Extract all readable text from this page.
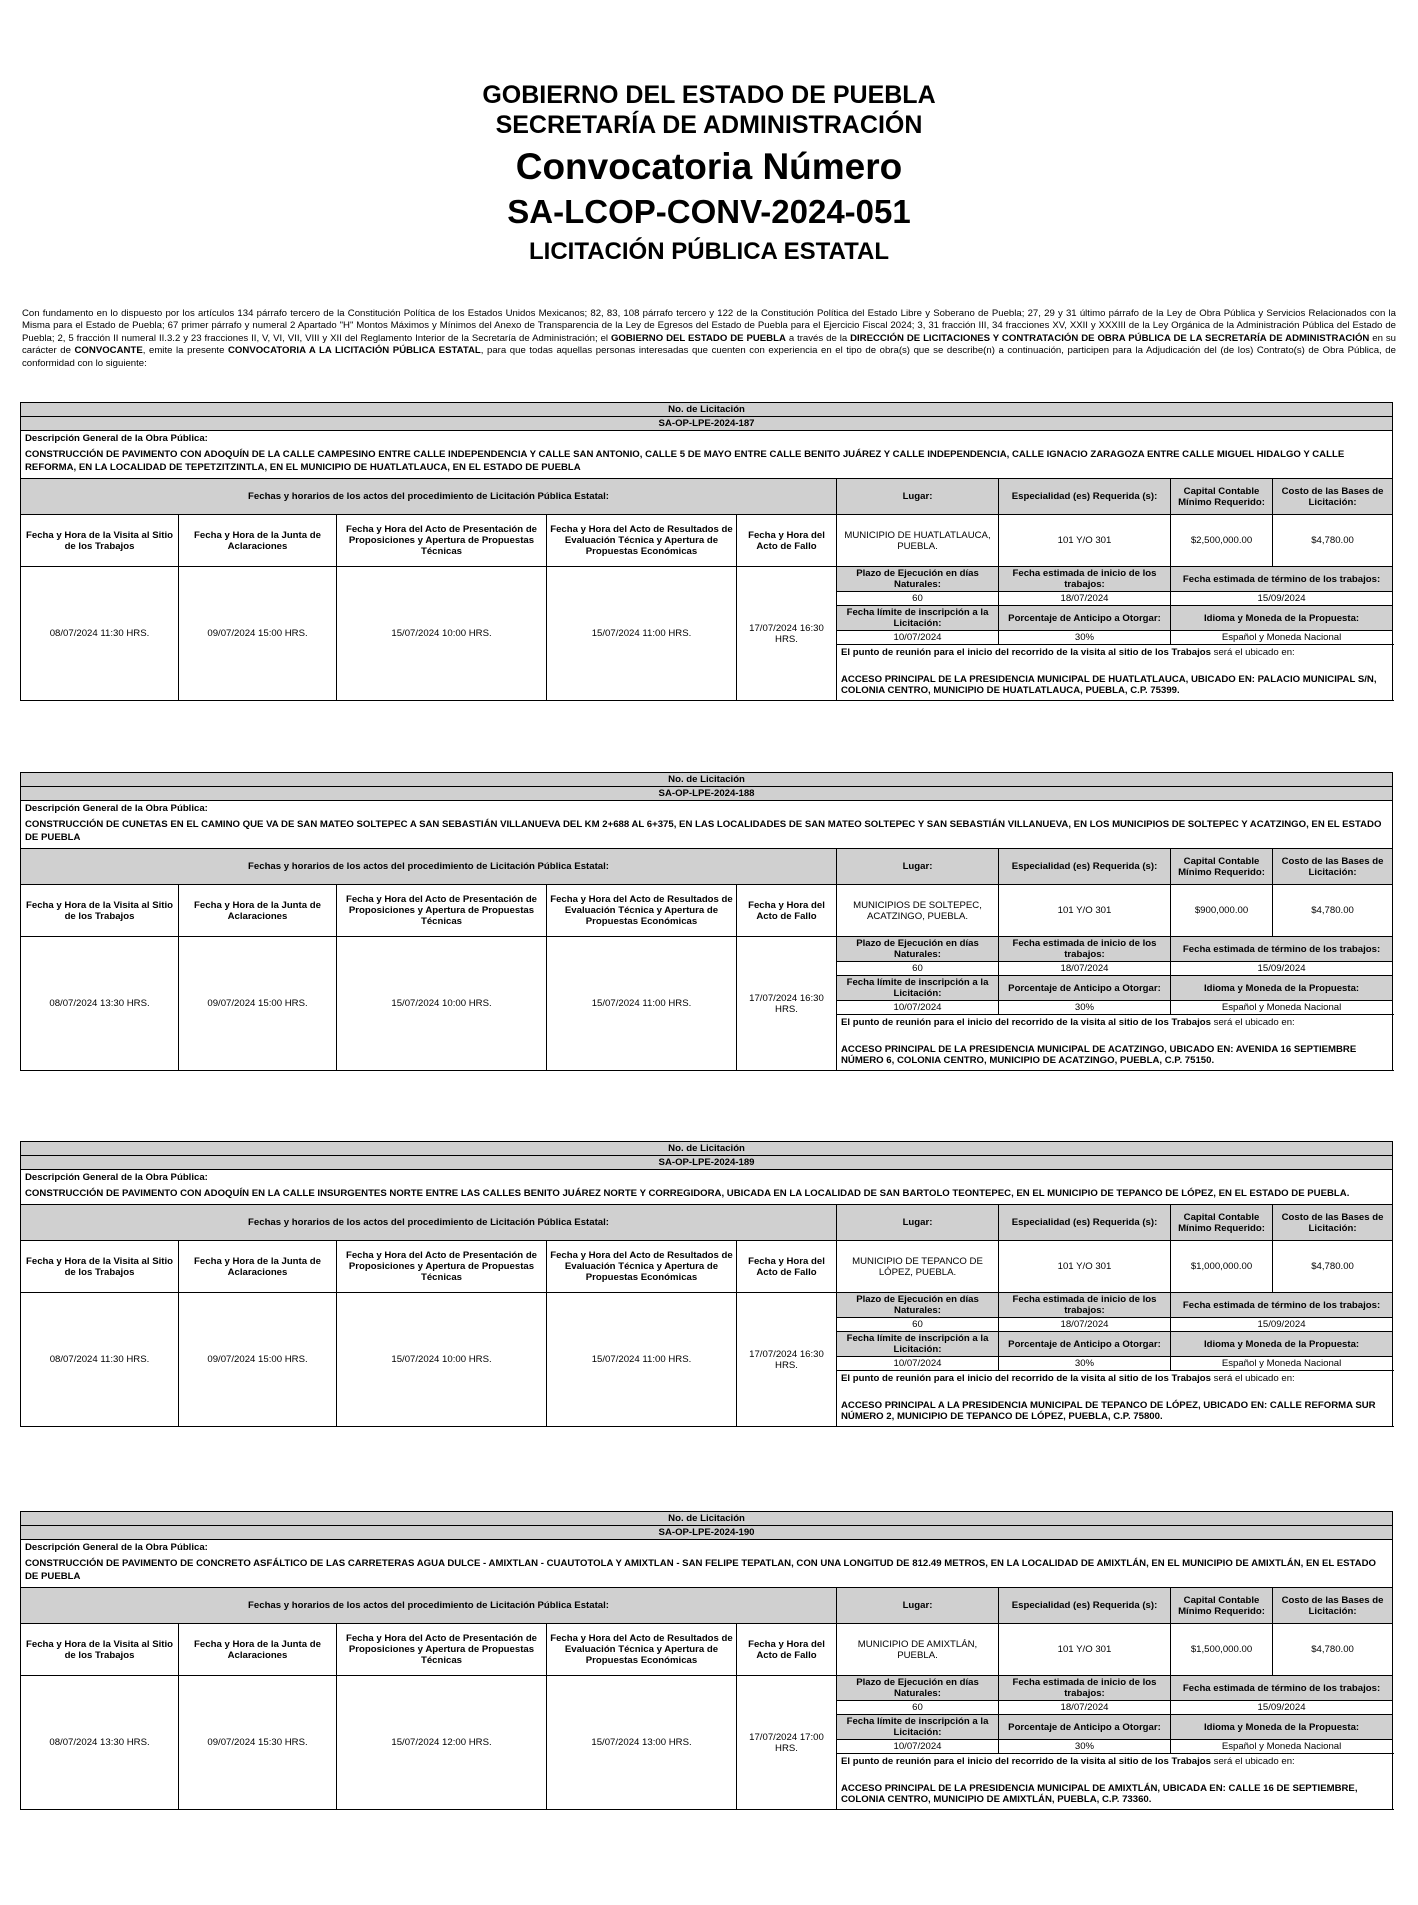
GOBIERNO DEL ESTADO DE PUEBLA
SECRETARÍA DE ADMINISTRACIÓN
Convocatoria Número
SA-LCOP-CONV-2024-051
LICITACIÓN PÚBLICA ESTATAL
Con fundamento en lo dispuesto por los artículos 134 párrafo tercero de la Constitución Política de los Estados Unidos Mexicanos; 82, 83, 108 párrafo tercero y 122 de la Constitución Política del Estado Libre y Soberano de Puebla; 27, 29 y 31 último párrafo de la Ley de Obra Pública y Servicios Relacionados con la Misma para el Estado de Puebla; 67 primer párrafo y numeral 2 Apartado "H" Montos Máximos y Mínimos del Anexo de Transparencia de la Ley de Egresos del Estado de Puebla para el Ejercicio Fiscal 2024; 3, 31 fracción III, 34 fracciones XV, XXII y XXXIII de la Ley Orgánica de la Administración Pública del Estado de Puebla; 2, 5 fracción II numeral II.3.2 y 23 fracciones II, V, VI, VII, VIII y XII del Reglamento Interior de la Secretaría de Administración; el GOBIERNO DEL ESTADO DE PUEBLA a través de la DIRECCIÓN DE LICITACIONES Y CONTRATACIÓN DE OBRA PÚBLICA DE LA SECRETARÍA DE ADMINISTRACIÓN en su carácter de CONVOCANTE, emite la presente CONVOCATORIA A LA LICITACIÓN PÚBLICA ESTATAL, para que todas aquellas personas interesadas que cuenten con experiencia en el tipo de obra(s) que se describe(n) a continuación, participen para la Adjudicación del (de los) Contrato(s) de Obra Pública, de conformidad con lo siguiente:
No. de Licitación								
SA-OP-LPE-2024-187								

Descripción General de la Obra Pública:
CONSTRUCCIÓN DE PAVIMENTO CON ADOQUÍN DE LA CALLE CAMPESINO ENTRE CALLE INDEPENDENCIA Y CALLE SAN ANTONIO, CALLE 5 DE MAYO ENTRE CALLE BENITO JUÁREZ Y CALLE INDEPENDENCIA, CALLE IGNACIO ZARAGOZA ENTRE CALLE MIGUEL HIDALGO Y CALLE REFORMA, EN LA LOCALIDAD DE TEPETZITZINTLA, EN EL MUNICIPIO DE HUATLATLAUCA, EN EL ESTADO DE PUEBLA								

Fechas y horarios de los actos del procedimiento de Licitación Pública Estatal:					Lugar:	Especialidad (es) Requerida (s):	Capital Contable Mínimo Requerido:	Costo de las Bases de Licitación:
Fecha y Hora de la Visita al Sitio de los Trabajos	Fecha y Hora de la Junta de Aclaraciones	Fecha y Hora del Acto de Presentación de Proposiciones y Apertura de Propuestas Técnicas	Fecha y Hora del Acto de Resultados de Evaluación Técnica y Apertura de Propuestas Económicas	Fecha y Hora del Acto de Fallo	MUNICIPIO DE HUATLATLAUCA, PUEBLA.	101 Y/O 301	$2,500,000.00	$4,780.00
08/07/2024 11:30 HRS.	09/07/2024 15:00 HRS.	15/07/2024 10:00 HRS.	15/07/2024 11:00 HRS.	17/07/2024 16:30 HRS.	Plazo de Ejecución en días Naturales:	Fecha estimada de inicio de los trabajos:	Fecha estimada de término de los trabajos:	
					60	18/07/2024	15/09/2024	
					Fecha límite de inscripción a la Licitación:	Porcentaje de Anticipo a Otorgar:	Idioma y Moneda de la Propuesta:	
					10/07/2024	30%	Español y Moneda Nacional	

					El punto de reunión para el inicio del recorrido de la visita al sitio de los Trabajos será el ubicado en:
ACCESO PRINCIPAL DE LA PRESIDENCIA MUNICIPAL DE HUATLATLAUCA, UBICADO EN: PALACIO MUNICIPAL S/N, COLONIA CENTRO, MUNICIPIO DE HUATLATLAUCA, PUEBLA, C.P. 75399.			
No. de Licitación								
SA-OP-LPE-2024-188								

Descripción General de la Obra Pública:
CONSTRUCCIÓN DE CUNETAS EN EL CAMINO QUE VA DE SAN MATEO SOLTEPEC A SAN SEBASTIÁN VILLANUEVA DEL KM 2+688 AL 6+375, EN LAS LOCALIDADES DE SAN MATEO SOLTEPEC Y SAN SEBASTIÁN VILLANUEVA, EN LOS MUNICIPIOS DE SOLTEPEC Y ACATZINGO, EN EL ESTADO DE PUEBLA								

Fechas y horarios de los actos del procedimiento de Licitación Pública Estatal:					Lugar:	Especialidad (es) Requerida (s):	Capital Contable Mínimo Requerido:	Costo de las Bases de Licitación:
Fecha y Hora de la Visita al Sitio de los Trabajos	Fecha y Hora de la Junta de Aclaraciones	Fecha y Hora del Acto de Presentación de Proposiciones y Apertura de Propuestas Técnicas	Fecha y Hora del Acto de Resultados de Evaluación Técnica y Apertura de Propuestas Económicas	Fecha y Hora del Acto de Fallo	MUNICIPIOS DE SOLTEPEC, ACATZINGO, PUEBLA.	101 Y/O 301	$900,000.00	$4,780.00
08/07/2024 13:30 HRS.	09/07/2024 15:00 HRS.	15/07/2024 10:00 HRS.	15/07/2024 11:00 HRS.	17/07/2024 16:30 HRS.	Plazo de Ejecución en días Naturales:	Fecha estimada de inicio de los trabajos:	Fecha estimada de término de los trabajos:	
					60	18/07/2024	15/09/2024	
					Fecha límite de inscripción a la Licitación:	Porcentaje de Anticipo a Otorgar:	Idioma y Moneda de la Propuesta:	
					10/07/2024	30%	Español y Moneda Nacional	

					El punto de reunión para el inicio del recorrido de la visita al sitio de los Trabajos será el ubicado en:
ACCESO PRINCIPAL DE LA PRESIDENCIA MUNICIPAL DE ACATZINGO, UBICADO EN: AVENIDA 16 SEPTIEMBRE NÚMERO 6, COLONIA CENTRO, MUNICIPIO DE ACATZINGO, PUEBLA, C.P. 75150.			
No. de Licitación								
SA-OP-LPE-2024-189								

Descripción General de la Obra Pública:
CONSTRUCCIÓN DE PAVIMENTO CON ADOQUÍN EN LA CALLE INSURGENTES NORTE ENTRE LAS CALLES BENITO JUÁREZ NORTE Y CORREGIDORA, UBICADA EN LA LOCALIDAD DE SAN BARTOLO TEONTEPEC, EN EL MUNICIPIO DE TEPANCO DE LÓPEZ, EN EL ESTADO DE PUEBLA.								

Fechas y horarios de los actos del procedimiento de Licitación Pública Estatal:					Lugar:	Especialidad (es) Requerida (s):	Capital Contable Mínimo Requerido:	Costo de las Bases de Licitación:
Fecha y Hora de la Visita al Sitio de los Trabajos	Fecha y Hora de la Junta de Aclaraciones	Fecha y Hora del Acto de Presentación de Proposiciones y Apertura de Propuestas Técnicas	Fecha y Hora del Acto de Resultados de Evaluación Técnica y Apertura de Propuestas Económicas	Fecha y Hora del Acto de Fallo	MUNICIPIO DE TEPANCO DE LÓPEZ, PUEBLA.	101 Y/O 301	$1,000,000.00	$4,780.00
08/07/2024 11:30 HRS.	09/07/2024 15:00 HRS.	15/07/2024 10:00 HRS.	15/07/2024 11:00 HRS.	17/07/2024 16:30 HRS.	Plazo de Ejecución en días Naturales:	Fecha estimada de inicio de los trabajos:	Fecha estimada de término de los trabajos:	
					60	18/07/2024	15/09/2024	
					Fecha límite de inscripción a la Licitación:	Porcentaje de Anticipo a Otorgar:	Idioma y Moneda de la Propuesta:	
					10/07/2024	30%	Español y Moneda Nacional	

					El punto de reunión para el inicio del recorrido de la visita al sitio de los Trabajos será el ubicado en:
ACCESO PRINCIPAL A LA PRESIDENCIA MUNICIPAL DE TEPANCO DE LÓPEZ, UBICADO EN: CALLE REFORMA SUR NÚMERO 2, MUNICIPIO DE TEPANCO DE LÓPEZ, PUEBLA, C.P. 75800.			
No. de Licitación								
SA-OP-LPE-2024-190								

Descripción General de la Obra Pública:
CONSTRUCCIÓN DE PAVIMENTO DE CONCRETO ASFÁLTICO DE LAS CARRETERAS AGUA DULCE - AMIXTLAN - CUAUTOTOLA Y AMIXTLAN - SAN FELIPE TEPATLAN, CON UNA LONGITUD DE 812.49 METROS, EN LA LOCALIDAD DE AMIXTLÁN, EN EL MUNICIPIO DE AMIXTLÁN, EN EL ESTADO DE PUEBLA								

Fechas y horarios de los actos del procedimiento de Licitación Pública Estatal:					Lugar:	Especialidad (es) Requerida (s):	Capital Contable Mínimo Requerido:	Costo de las Bases de Licitación:
Fecha y Hora de la Visita al Sitio de los Trabajos	Fecha y Hora de la Junta de Aclaraciones	Fecha y Hora del Acto de Presentación de Proposiciones y Apertura de Propuestas Técnicas	Fecha y Hora del Acto de Resultados de Evaluación Técnica y Apertura de Propuestas Económicas	Fecha y Hora del Acto de Fallo	MUNICIPIO DE AMIXTLÁN, PUEBLA.	101 Y/O 301	$1,500,000.00	$4,780.00
08/07/2024 13:30 HRS.	09/07/2024 15:30 HRS.	15/07/2024 12:00 HRS.	15/07/2024 13:00 HRS.	17/07/2024 17:00 HRS.	Plazo de Ejecución en días Naturales:	Fecha estimada de inicio de los trabajos:	Fecha estimada de término de los trabajos:	
					60	18/07/2024	15/09/2024	
					Fecha límite de inscripción a la Licitación:	Porcentaje de Anticipo a Otorgar:	Idioma y Moneda de la Propuesta:	
					10/07/2024	30%	Español y Moneda Nacional	

					El punto de reunión para el inicio del recorrido de la visita al sitio de los Trabajos será el ubicado en:
ACCESO PRINCIPAL DE LA PRESIDENCIA MUNICIPAL DE AMIXTLÁN, UBICADA EN: CALLE 16 DE SEPTIEMBRE, COLONIA CENTRO, MUNICIPIO DE AMIXTLÁN, PUEBLA, C.P. 73360.			
